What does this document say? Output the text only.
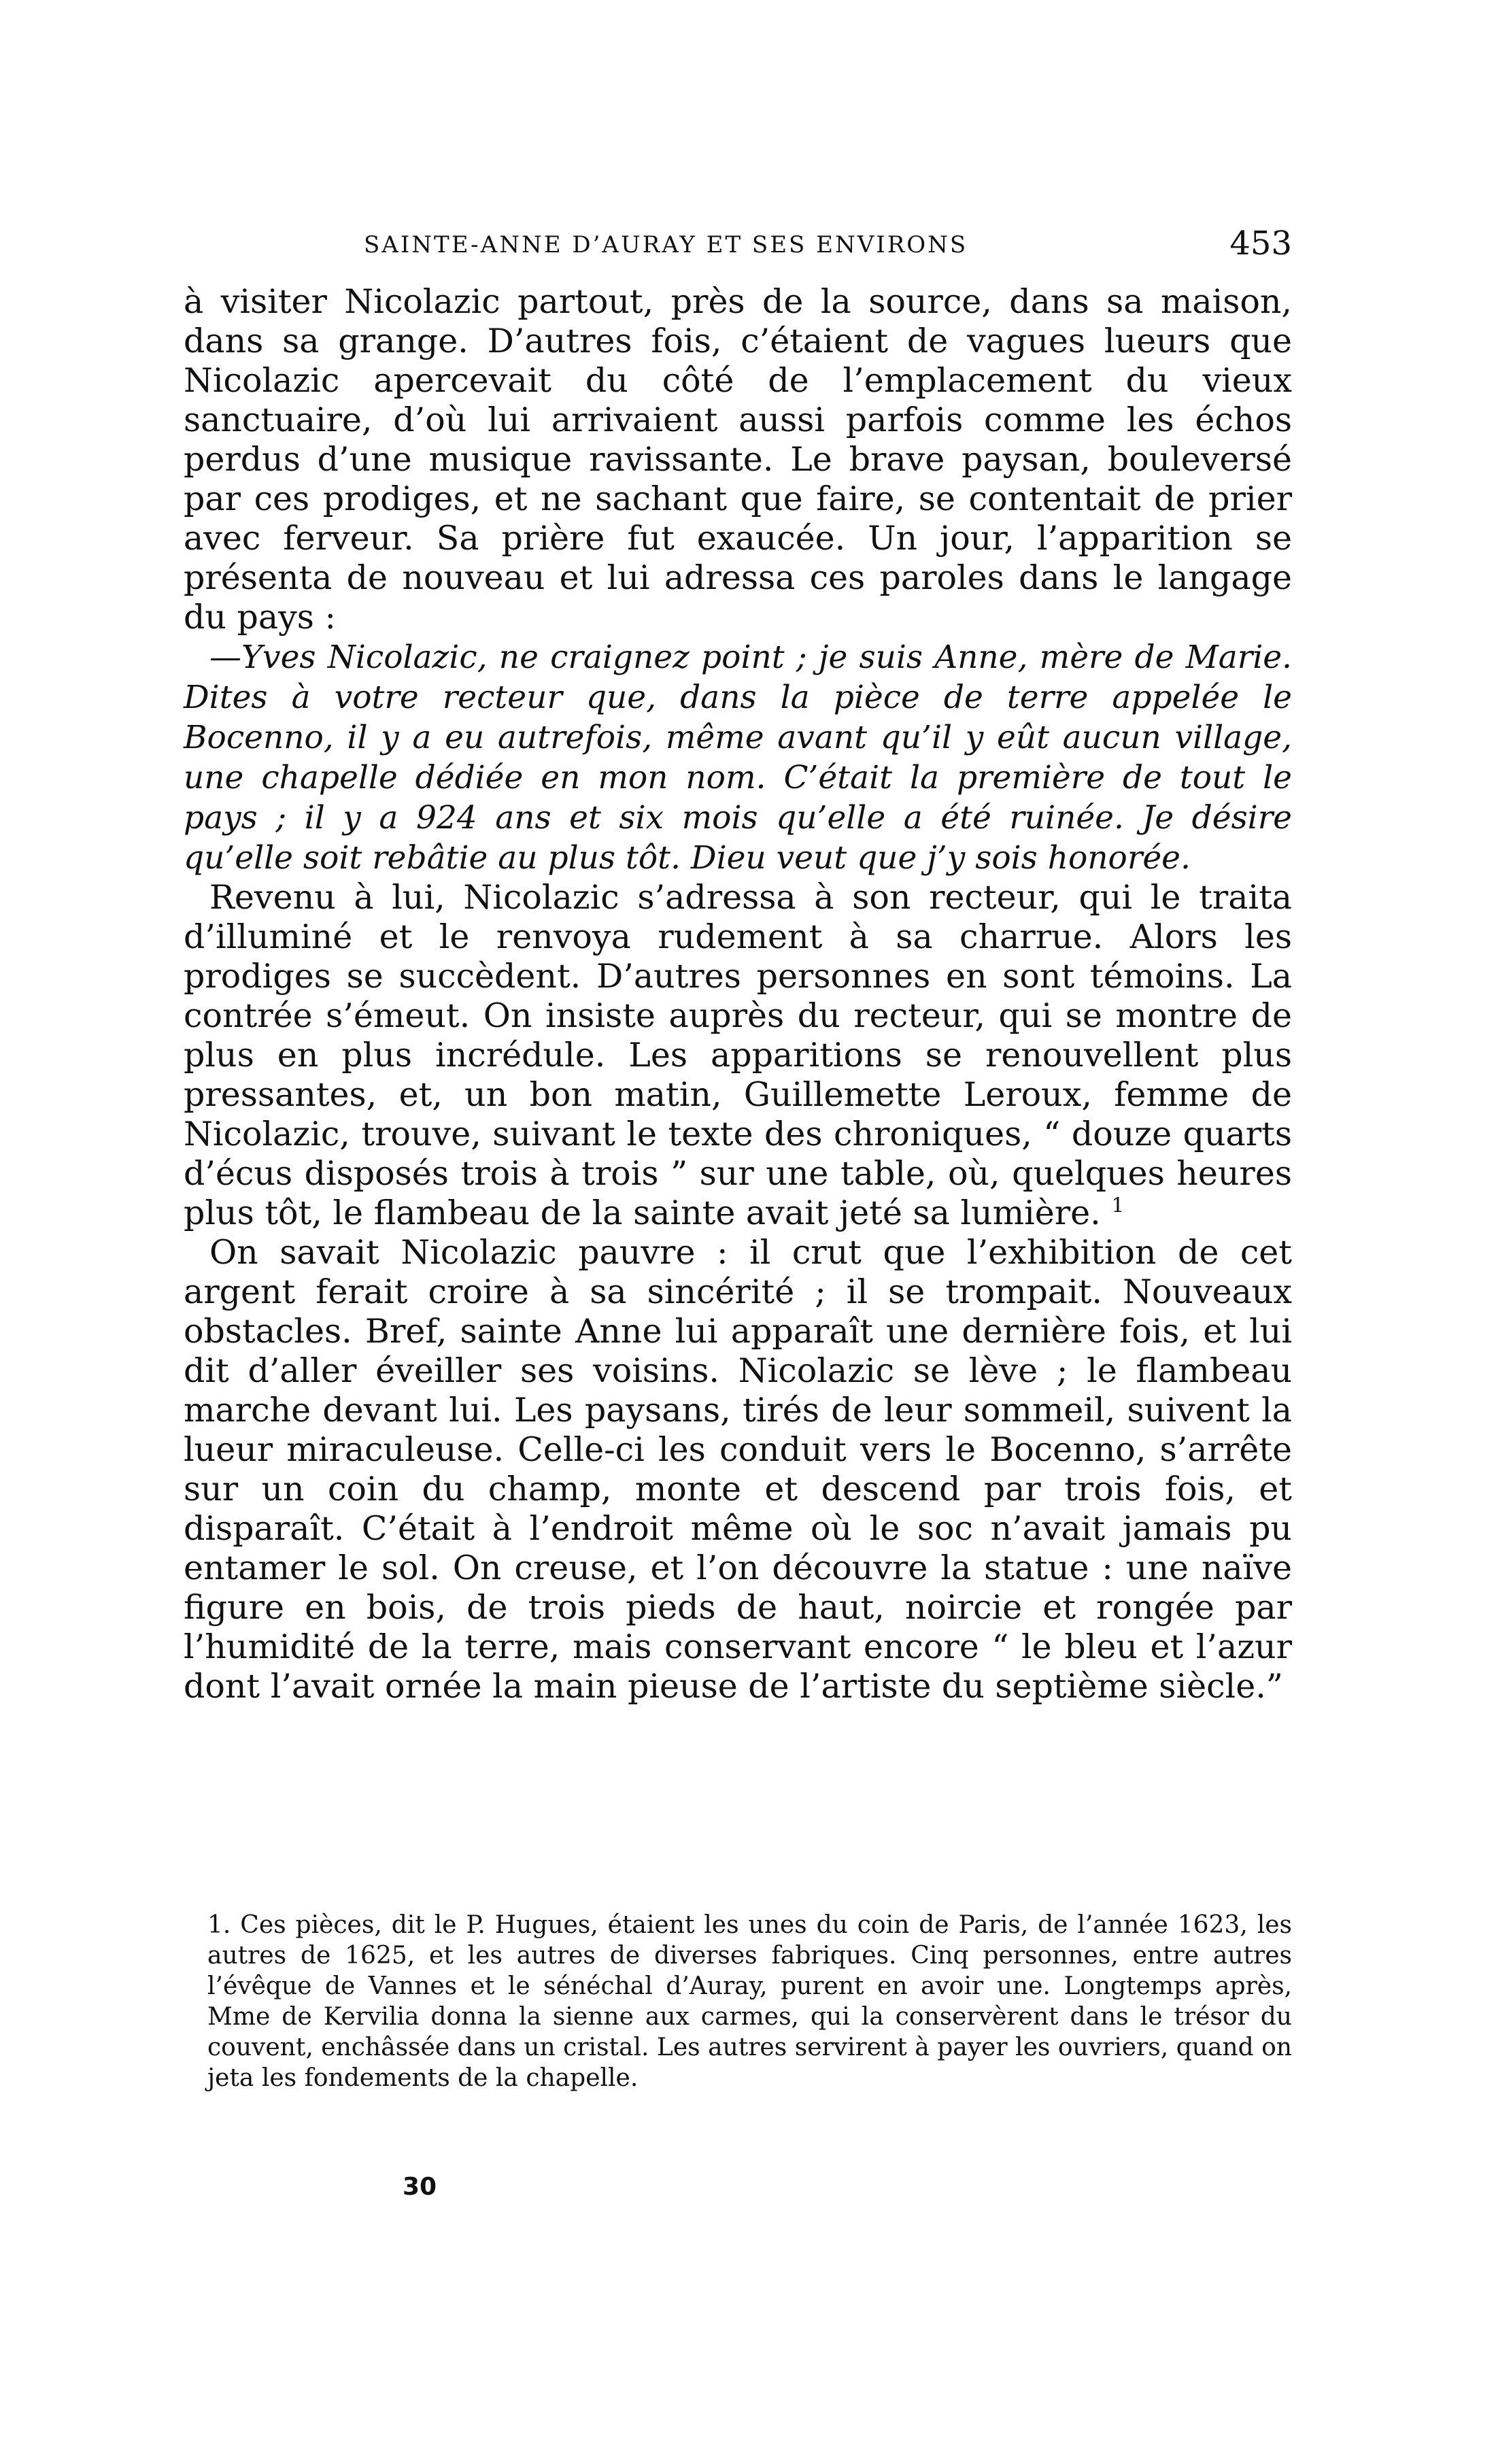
SAINTE-ANNE D’AURAY ET SES ENVIRONS	453

à visiter Nicolazic partout, près de la source, dans sa maison, dans sa grange. D’autres fois, c’étaient de vagues lueurs que Nicolazic apercevait du côté de l’emplacement du vieux sanctuaire, d’où lui arrivaient aussi parfois comme les échos perdus d’une musique ravissante. Le brave paysan, bouleversé par ces prodiges, et ne sachant que faire, se contentait de prier avec ferveur. Sa prière fut exaucée. Un jour, l’apparition se présenta de nouveau et lui adressa ces paroles dans le langage du pays :

—Yves Nicolazic, ne craignez point ; je suis Anne, mère de Marie. Dites à votre recteur que, dans la pièce de terre appelée le Bocenno, il y a eu autrefois, même avant qu’il y eût aucun village, une chapelle dédiée en mon nom. C’était la première de tout le pays ; il y a 924 ans et six mois qu’elle a été ruinée. Je désire qu’elle soit rebâtie au plus tôt. Dieu veut que j’y sois honorée.

Revenu à lui, Nicolazic s’adressa à son recteur, qui le traita d’illuminé et le renvoya rudement à sa charrue. Alors les prodiges se succèdent. D’autres personnes en sont témoins. La contrée s’émeut. On insiste auprès du recteur, qui se montre de plus en plus incrédule. Les apparitions se renouvellent plus pressantes, et, un bon matin, Guillemette Leroux, femme de Nicolazic, trouve, suivant le texte des chroniques, “ douze quarts d’écus disposés trois à trois ” sur une table, où, quelques heures plus tôt, le flambeau de la sainte avait jeté sa lumière. $^1$

On savait Nicolazic pauvre : il crut que l’exhibition de cet argent ferait croire à sa sincérité ; il se trompait. Nouveaux obstacles. Bref, sainte Anne lui apparaît une dernière fois, et lui dit d’aller éveiller ses voisins. Nicolazic se lève ; le flambeau marche devant lui. Les paysans, tirés de leur sommeil, suivent la lueur miraculeuse. Celle-ci les conduit vers le Bocenno, s’arrête sur un coin du champ, monte et descend par trois fois, et disparaît. C’était à l’endroit même où le soc n’avait jamais pu entamer le sol. On creuse, et l’on découvre la statue : une naïve figure en bois, de trois pieds de haut, noircie et rongée par l’humidité de la terre, mais conservant encore “ le bleu et l’azur dont l’avait ornée la main pieuse de l’artiste du septième siècle.”

1. Ces pièces, dit le P. Hugues, étaient les unes du coin de Paris, de l’année 1623, les autres de 1625, et les autres de diverses fabriques. Cinq personnes, entre autres l’évêque de Vannes et le sénéchal d’Auray, purent en avoir une. Longtemps après, Mme de Kervilia donna la sienne aux carmes, qui la conservèrent dans le trésor du couvent, enchâssée dans un cristal. Les autres servirent à payer les ouvriers, quand on jeta les fondements de la chapelle.
30
